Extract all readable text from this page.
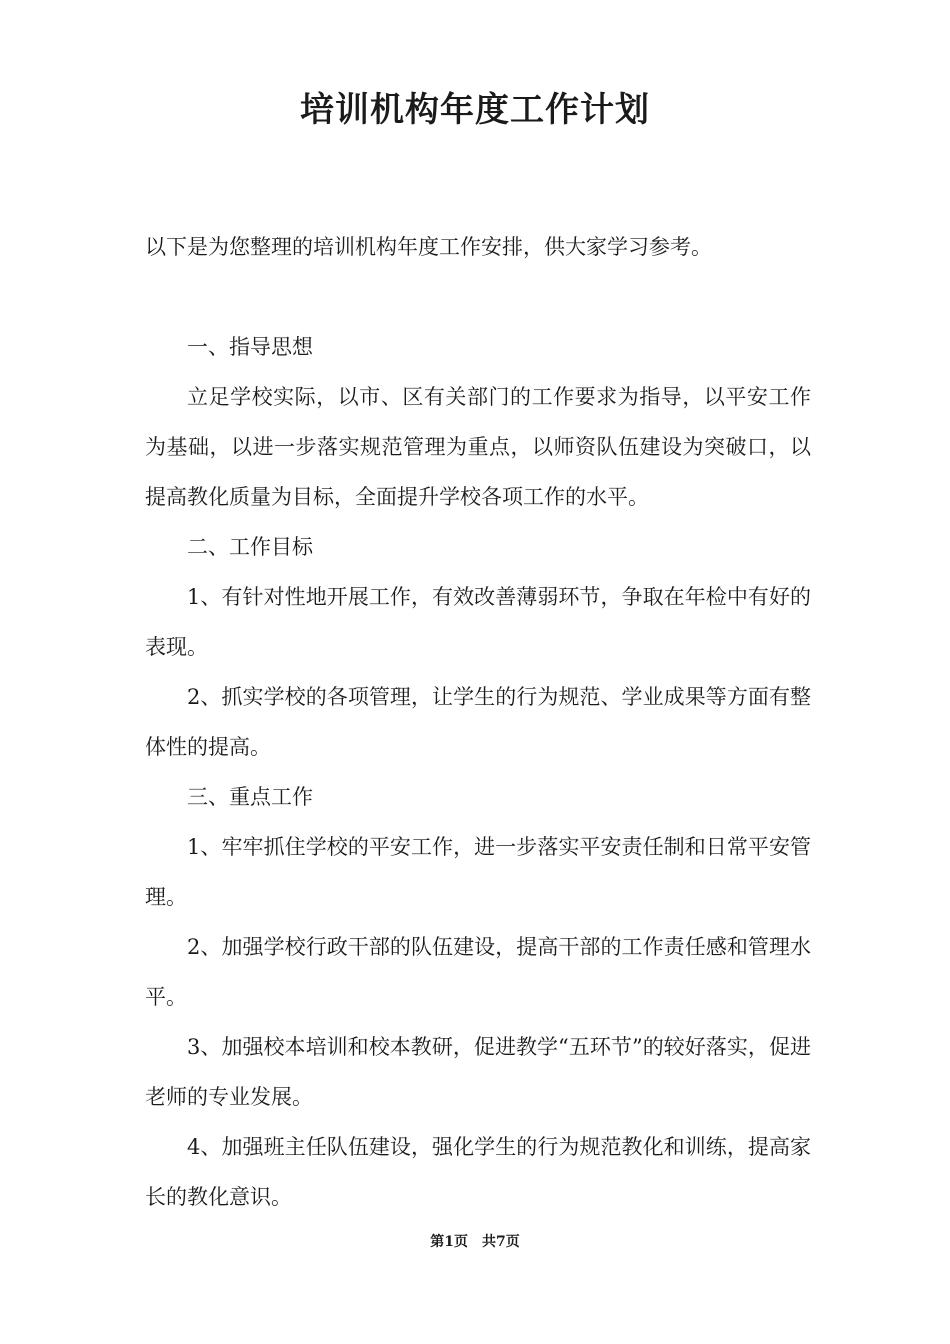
培训机构年度工作计划

以下是为您整理的培训机构年度工作安排，供大家学习参考。

一、指导思想

立足学校实际，以市、区有关部门的工作要求为指导，以平安工作为基础，以进一步落实规范管理为重点，以师资队伍建设为突破口，以提高教化质量为目标，全面提升学校各项工作的水平。

二、工作目标

1、有针对性地开展工作，有效改善薄弱环节，争取在年检中有好的表现。

2、抓实学校的各项管理，让学生的行为规范、学业成果等方面有整体性的提高。

三、重点工作

1、牢牢抓住学校的平安工作，进一步落实平安责任制和日常平安管理。

2、加强学校行政干部的队伍建设，提高干部的工作责任感和管理水平。

3、加强校本培训和校本教研，促进教学“五环节”的较好落实，促进老师的专业发展。

4、加强班主任队伍建设，强化学生的行为规范教化和训练，提高家长的教化意识。

第1页 共7页
